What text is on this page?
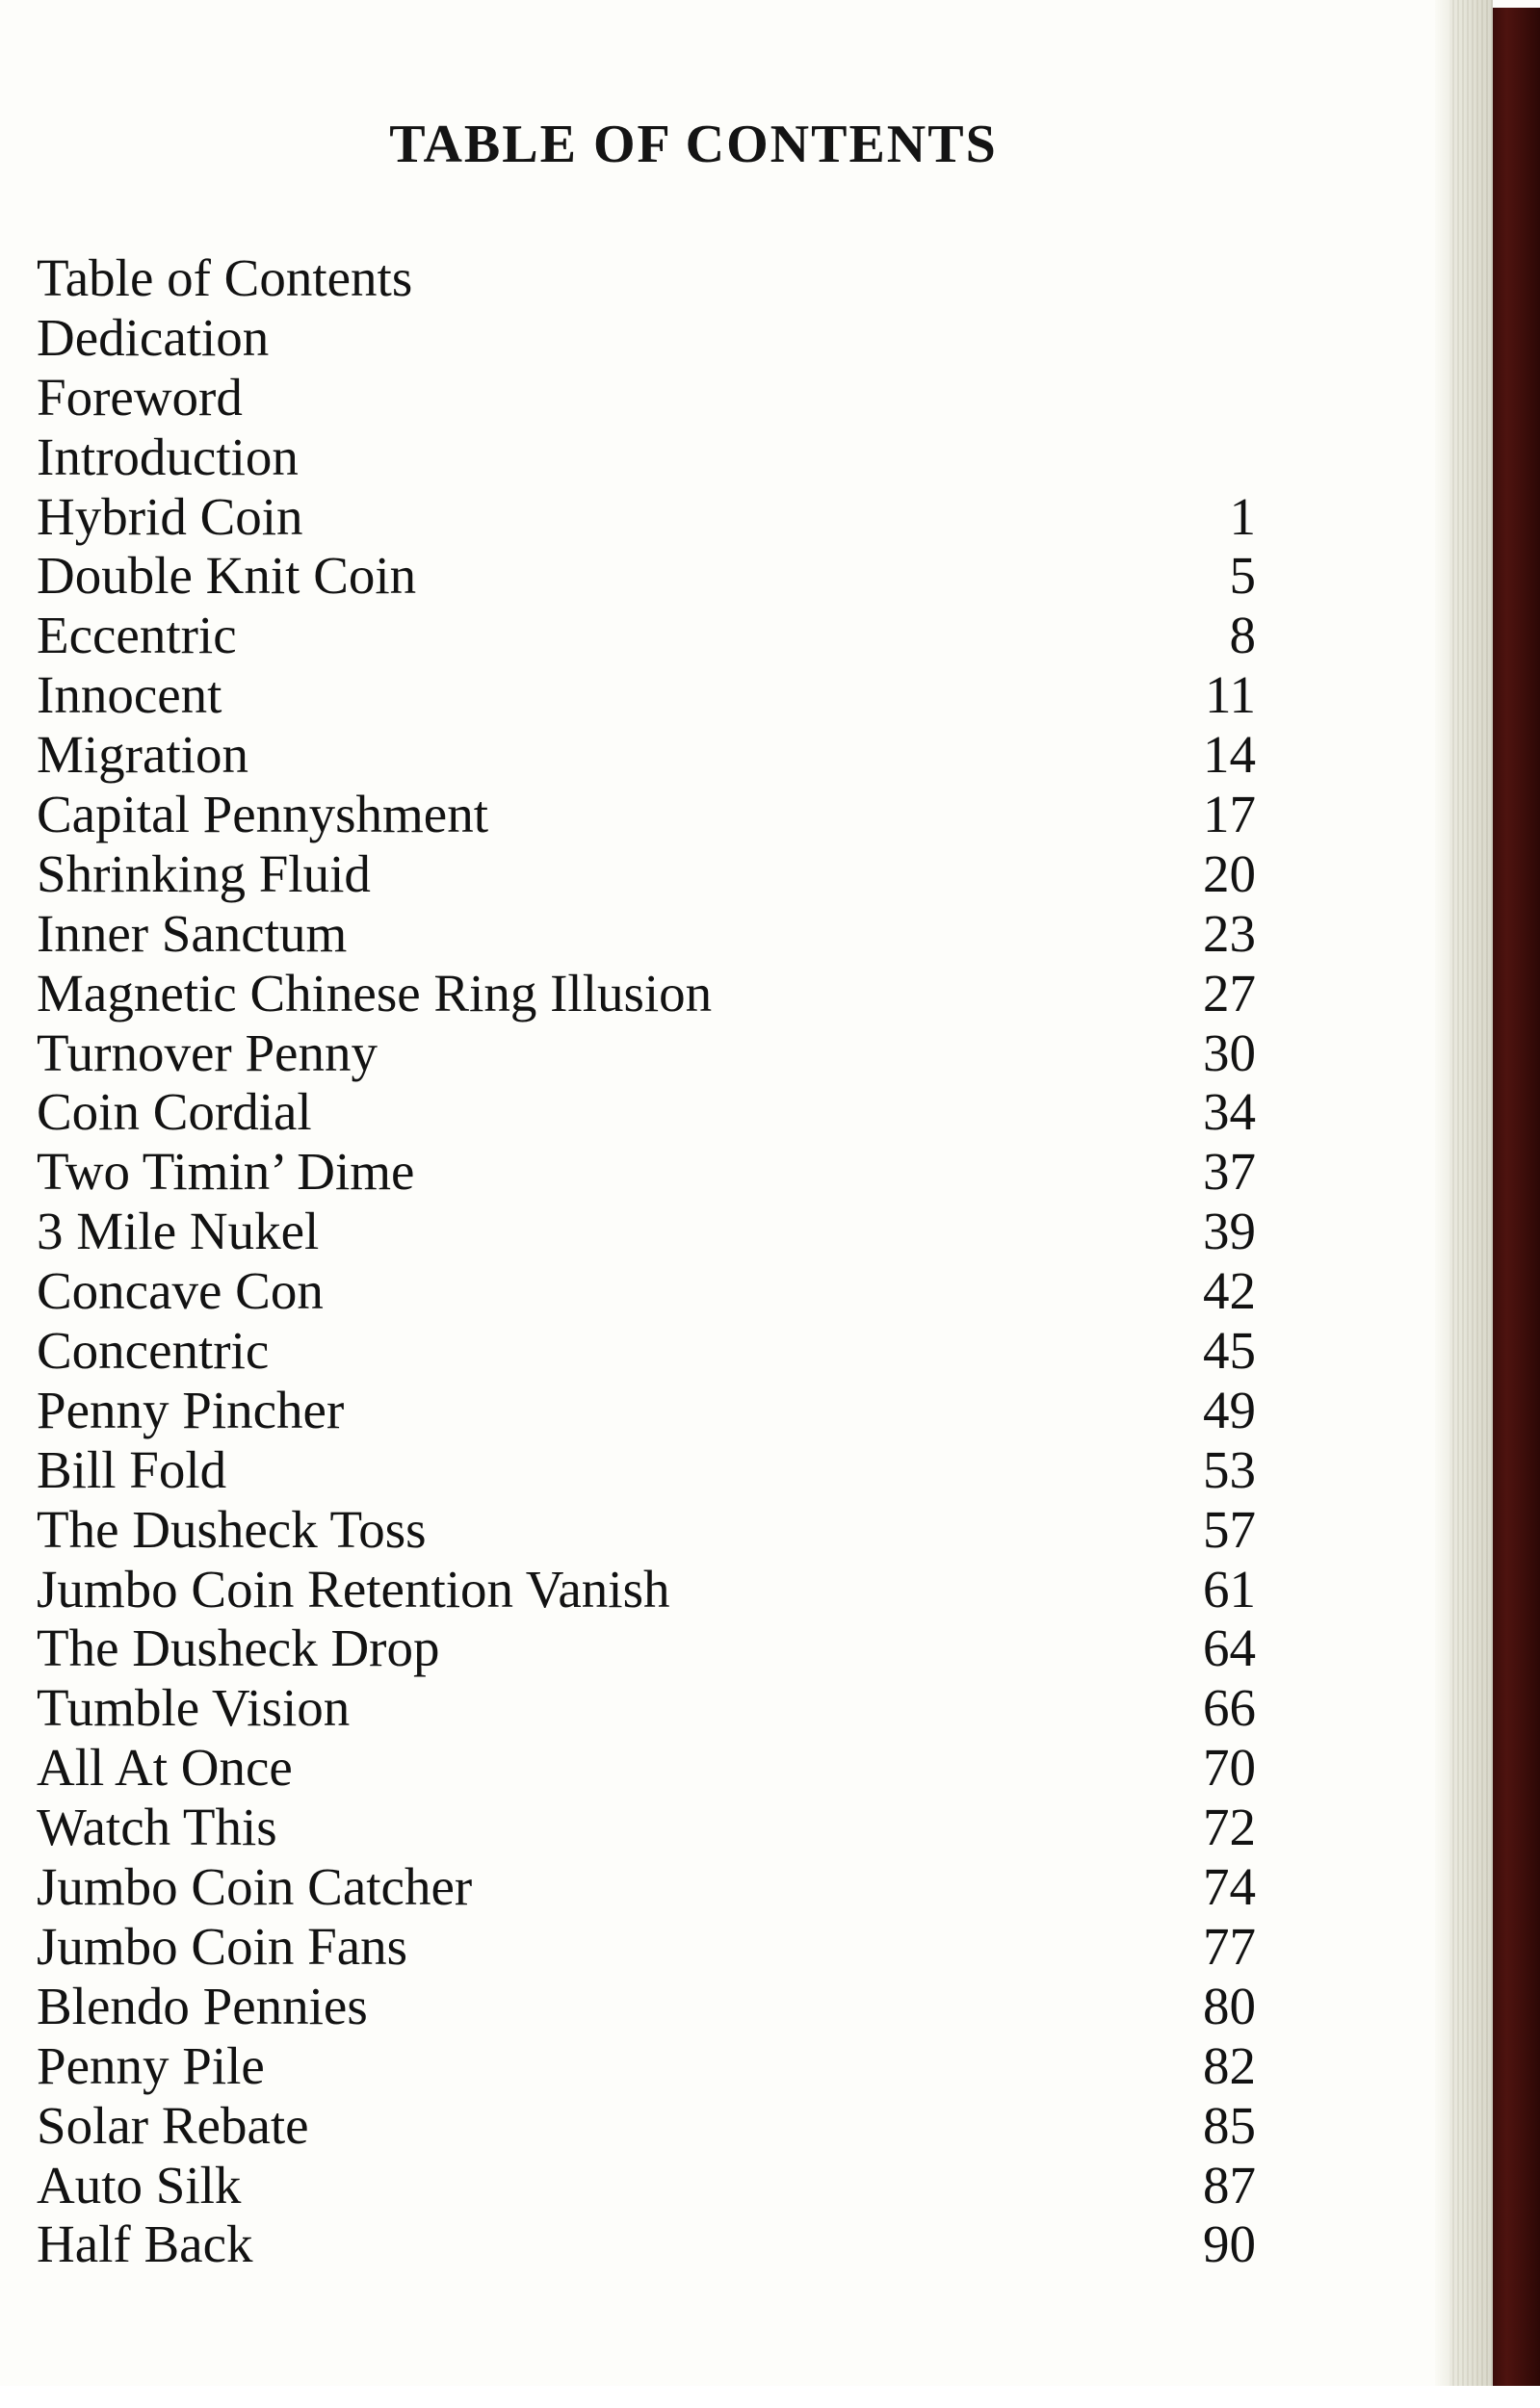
TABLE OF CONTENTS
Table of Contents
Dedication
Foreword
Introduction
Hybrid Coin	1
Double Knit Coin	5
Eccentric	8
Innocent	11
Migration	14
Capital Pennyshment	17
Shrinking Fluid	20
Inner Sanctum	23
Magnetic Chinese Ring Illusion	27
Turnover Penny	30
Coin Cordial	34
Two Timin’ Dime	37
3 Mile Nukel	39
Concave Con	42
Concentric	45
Penny Pincher	49
Bill Fold	53
The Dusheck Toss	57
Jumbo Coin Retention Vanish	61
The Dusheck Drop	64
Tumble Vision	66
All At Once	70
Watch This	72
Jumbo Coin Catcher	74
Jumbo Coin Fans	77
Blendo Pennies	80
Penny Pile	82
Solar Rebate	85
Auto Silk	87
Half Back	90
